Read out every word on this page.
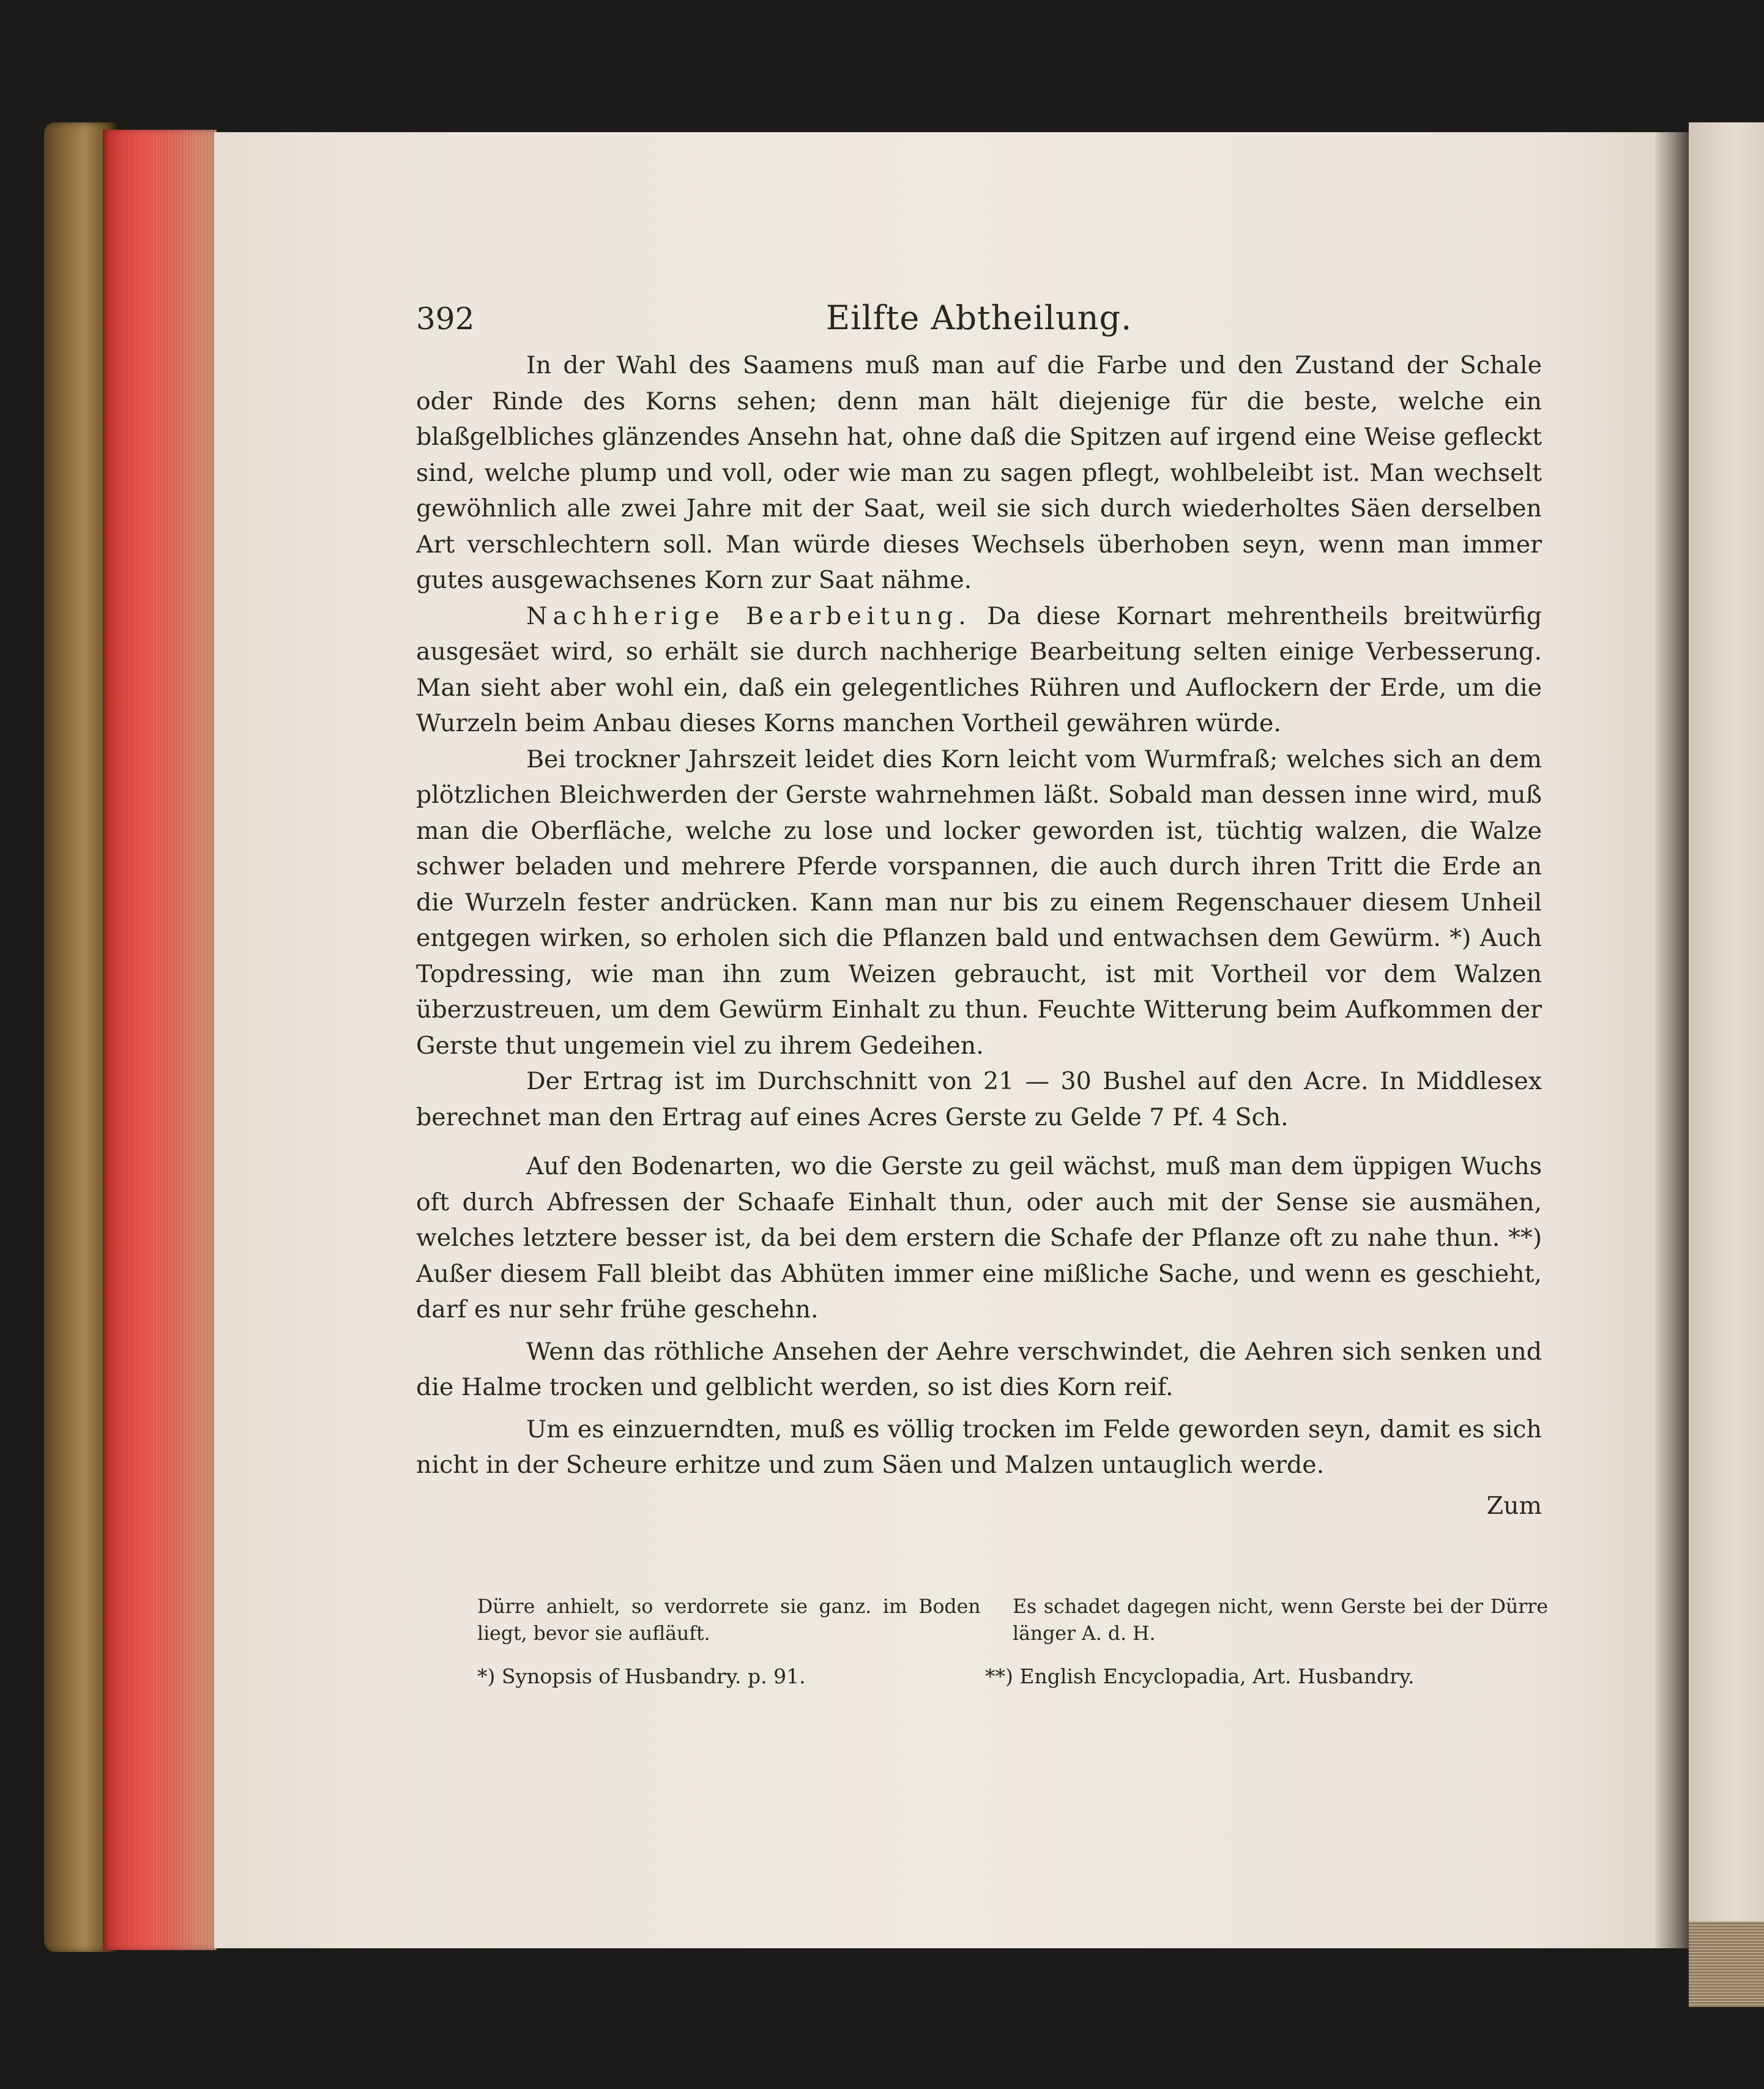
392	Eilfte Abtheilung.

In der Wahl des Saamens muß man auf die Farbe und den Zustand der Schale oder Rinde des Korns sehen; denn man hält diejenige für die beste, welche ein blaßgelbliches glänzendes Ansehn hat, ohne daß die Spitzen auf irgend eine Weise gefleckt sind, welche plump und voll, oder wie man zu sagen pflegt, wohlbeleibt ist. Man wechselt gewöhnlich alle zwei Jahre mit der Saat, weil sie sich durch wiederholtes Säen derselben Art verschlechtern soll. Man würde dieses Wechsels überhoben seyn, wenn man immer gutes ausgewachsenes Korn zur Saat nähme.

Nachherige Bearbeitung. Da diese Kornart mehrentheils breitwürfig ausgesäet wird, so erhält sie durch nachherige Bearbeitung selten einige Verbesserung. Man sieht aber wohl ein, daß ein gelegentliches Rühren und Auflockern der Erde, um die Wurzeln beim Anbau dieses Korns manchen Vortheil gewähren würde.

Bei trockner Jahrszeit leidet dies Korn leicht vom Wurmfraß; welches sich an dem plötzlichen Bleichwerden der Gerste wahrnehmen läßt. Sobald man dessen inne wird, muß man die Oberfläche, welche zu lose und locker geworden ist, tüchtig walzen, die Walze schwer beladen und mehrere Pferde vorspannen, die auch durch ihren Tritt die Erde an die Wurzeln fester andrücken. Kann man nur bis zu einem Regenschauer diesem Unheil entgegen wirken, so erholen sich die Pflanzen bald und entwachsen dem Gewürm. *) Auch Topdressing, wie man ihn zum Weizen gebraucht, ist mit Vortheil vor dem Walzen überzustreuen, um dem Gewürm Einhalt zu thun. Feuchte Witterung beim Aufkommen der Gerste thut ungemein viel zu ihrem Gedeihen.

Der Ertrag ist im Durchschnitt von 21 — 30 Bushel auf den Acre. In Middlesex berechnet man den Ertrag auf eines Acres Gerste zu Gelde 7 Pf. 4 Sch.

Auf den Bodenarten, wo die Gerste zu geil wächst, muß man dem üppigen Wuchs oft durch Abfressen der Schaafe Einhalt thun, oder auch mit der Sense sie ausmähen, welches letztere besser ist, da bei dem erstern die Schafe der Pflanze oft zu nahe thun. **) Außer diesem Fall bleibt das Abhüten immer eine mißliche Sache, und wenn es geschieht, darf es nur sehr frühe geschehn.

Wenn das röthliche Ansehen der Aehre verschwindet, die Aehren sich senken und die Halme trocken und gelblicht werden, so ist dies Korn reif.

Um es einzuerndten, muß es völlig trocken im Felde geworden seyn, damit es sich nicht in der Scheure erhitze und zum Säen und Malzen untauglich werde.

Zum
Dürre anhielt, so verdorrete sie ganz. im Boden liegt, bevor sie aufläuft.
Es schadet dagegen nicht, wenn Gerste bei der Dürre länger A. d. H.
*) Synopsis of Husbandry. p. 91.	**) English Encyclopadia, Art. Husbandry.
